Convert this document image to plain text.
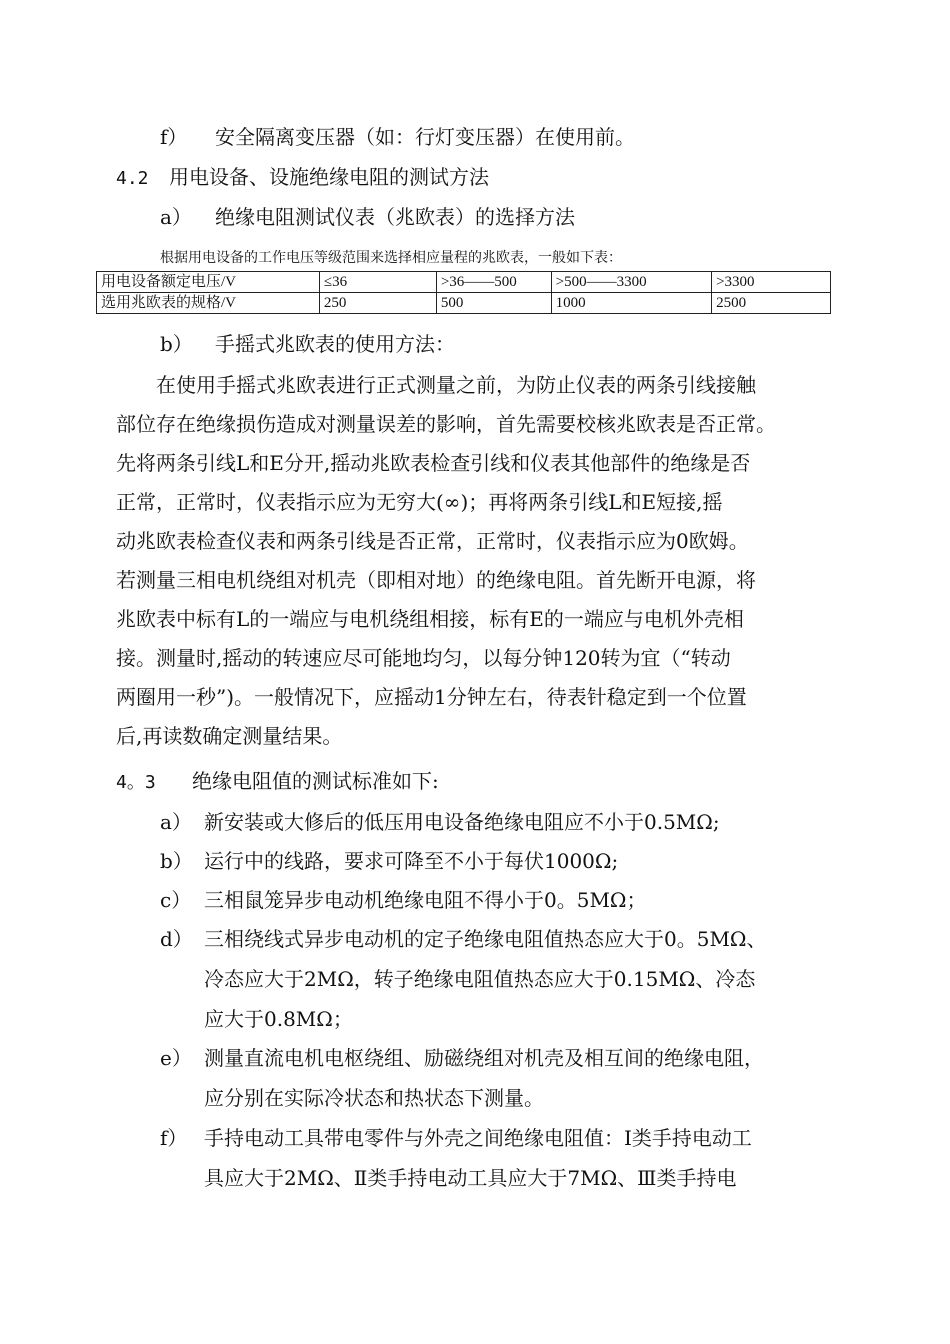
f） 安全隔离变压器（如：行灯变压器）在使用前。
4.2 用电设备、设施绝缘电阻的测试方法
a） 绝缘电阻测试仪表（兆欧表）的选择方法
根据用电设备的工作电压等级范围来选择相应量程的兆欧表，一般如下表：
用电设备额定电压/V	≤36	>36——500	>500——3300	>3300
选用兆欧表的规格/V	250	500	1000	2500
b） 手摇式兆欧表的使用方法：
　　在使用手摇式兆欧表进行正式测量之前，为防止仪表的两条引线接触
部位存在绝缘损伤造成对测量误差的影响，首先需要校核兆欧表是否正常。
先将两条引线L和E分开,摇动兆欧表检查引线和仪表其他部件的绝缘是否
正常，正常时，仪表指示应为无穷大(∞)；再将两条引线L和E短接,摇
动兆欧表检查仪表和两条引线是否正常，正常时，仪表指示应为0欧姆。
若测量三相电机绕组对机壳（即相对地）的绝缘电阻。首先断开电源，将
兆欧表中标有L的一端应与电机绕组相接，标有E的一端应与电机外壳相
接。测量时,摇动的转速应尽可能地均匀，以每分钟120转为宜（“转动
两圈用一秒”)。一般情况下，应摇动1分钟左右，待表针稳定到一个位置
后,再读数确定测量结果。
4。3 绝缘电阻值的测试标准如下:
a） 新安装或大修后的低压用电设备绝缘电阻应不小于0.5MΩ;
b） 运行中的线路，要求可降至不小于每伏1000Ω;
c） 三相鼠笼异步电动机绝缘电阻不得小于0。5MΩ；
d） 三相绕线式异步电动机的定子绝缘电阻值热态应大于0。5MΩ、
冷态应大于2MΩ，转子绝缘电阻值热态应大于0.15MΩ、冷态
应大于0.8MΩ；
e） 测量直流电机电枢绕组、励磁绕组对机壳及相互间的绝缘电阻，
应分别在实际冷状态和热状态下测量。
f） 手持电动工具带电零件与外壳之间绝缘电阻值：Ⅰ类手持电动工
具应大于2MΩ、Ⅱ类手持电动工具应大于7MΩ、Ⅲ类手持电
